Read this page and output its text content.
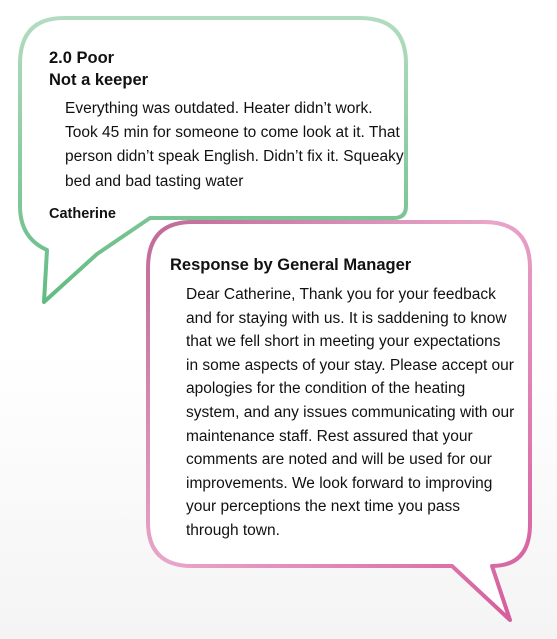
2.0 Poor

Not a keeper

Everything was outdated. Heater didn’t work. Took 45 min for someone to come look at it. That person didn’t speak English. Didn’t fix it. Squeaky bed and bad tasting water
Catherine

Response by General Manager

Dear Catherine, Thank you for your feedback and for staying with us. It is saddening to know that we fell short in meeting your expectations in some aspects of your stay. Please accept our apologies for the condition of the heating system, and any issues communicating with our maintenance staff. Rest assured that your comments are noted and will be used for our improvements. We look forward to improving your perceptions the next time you pass through town.
